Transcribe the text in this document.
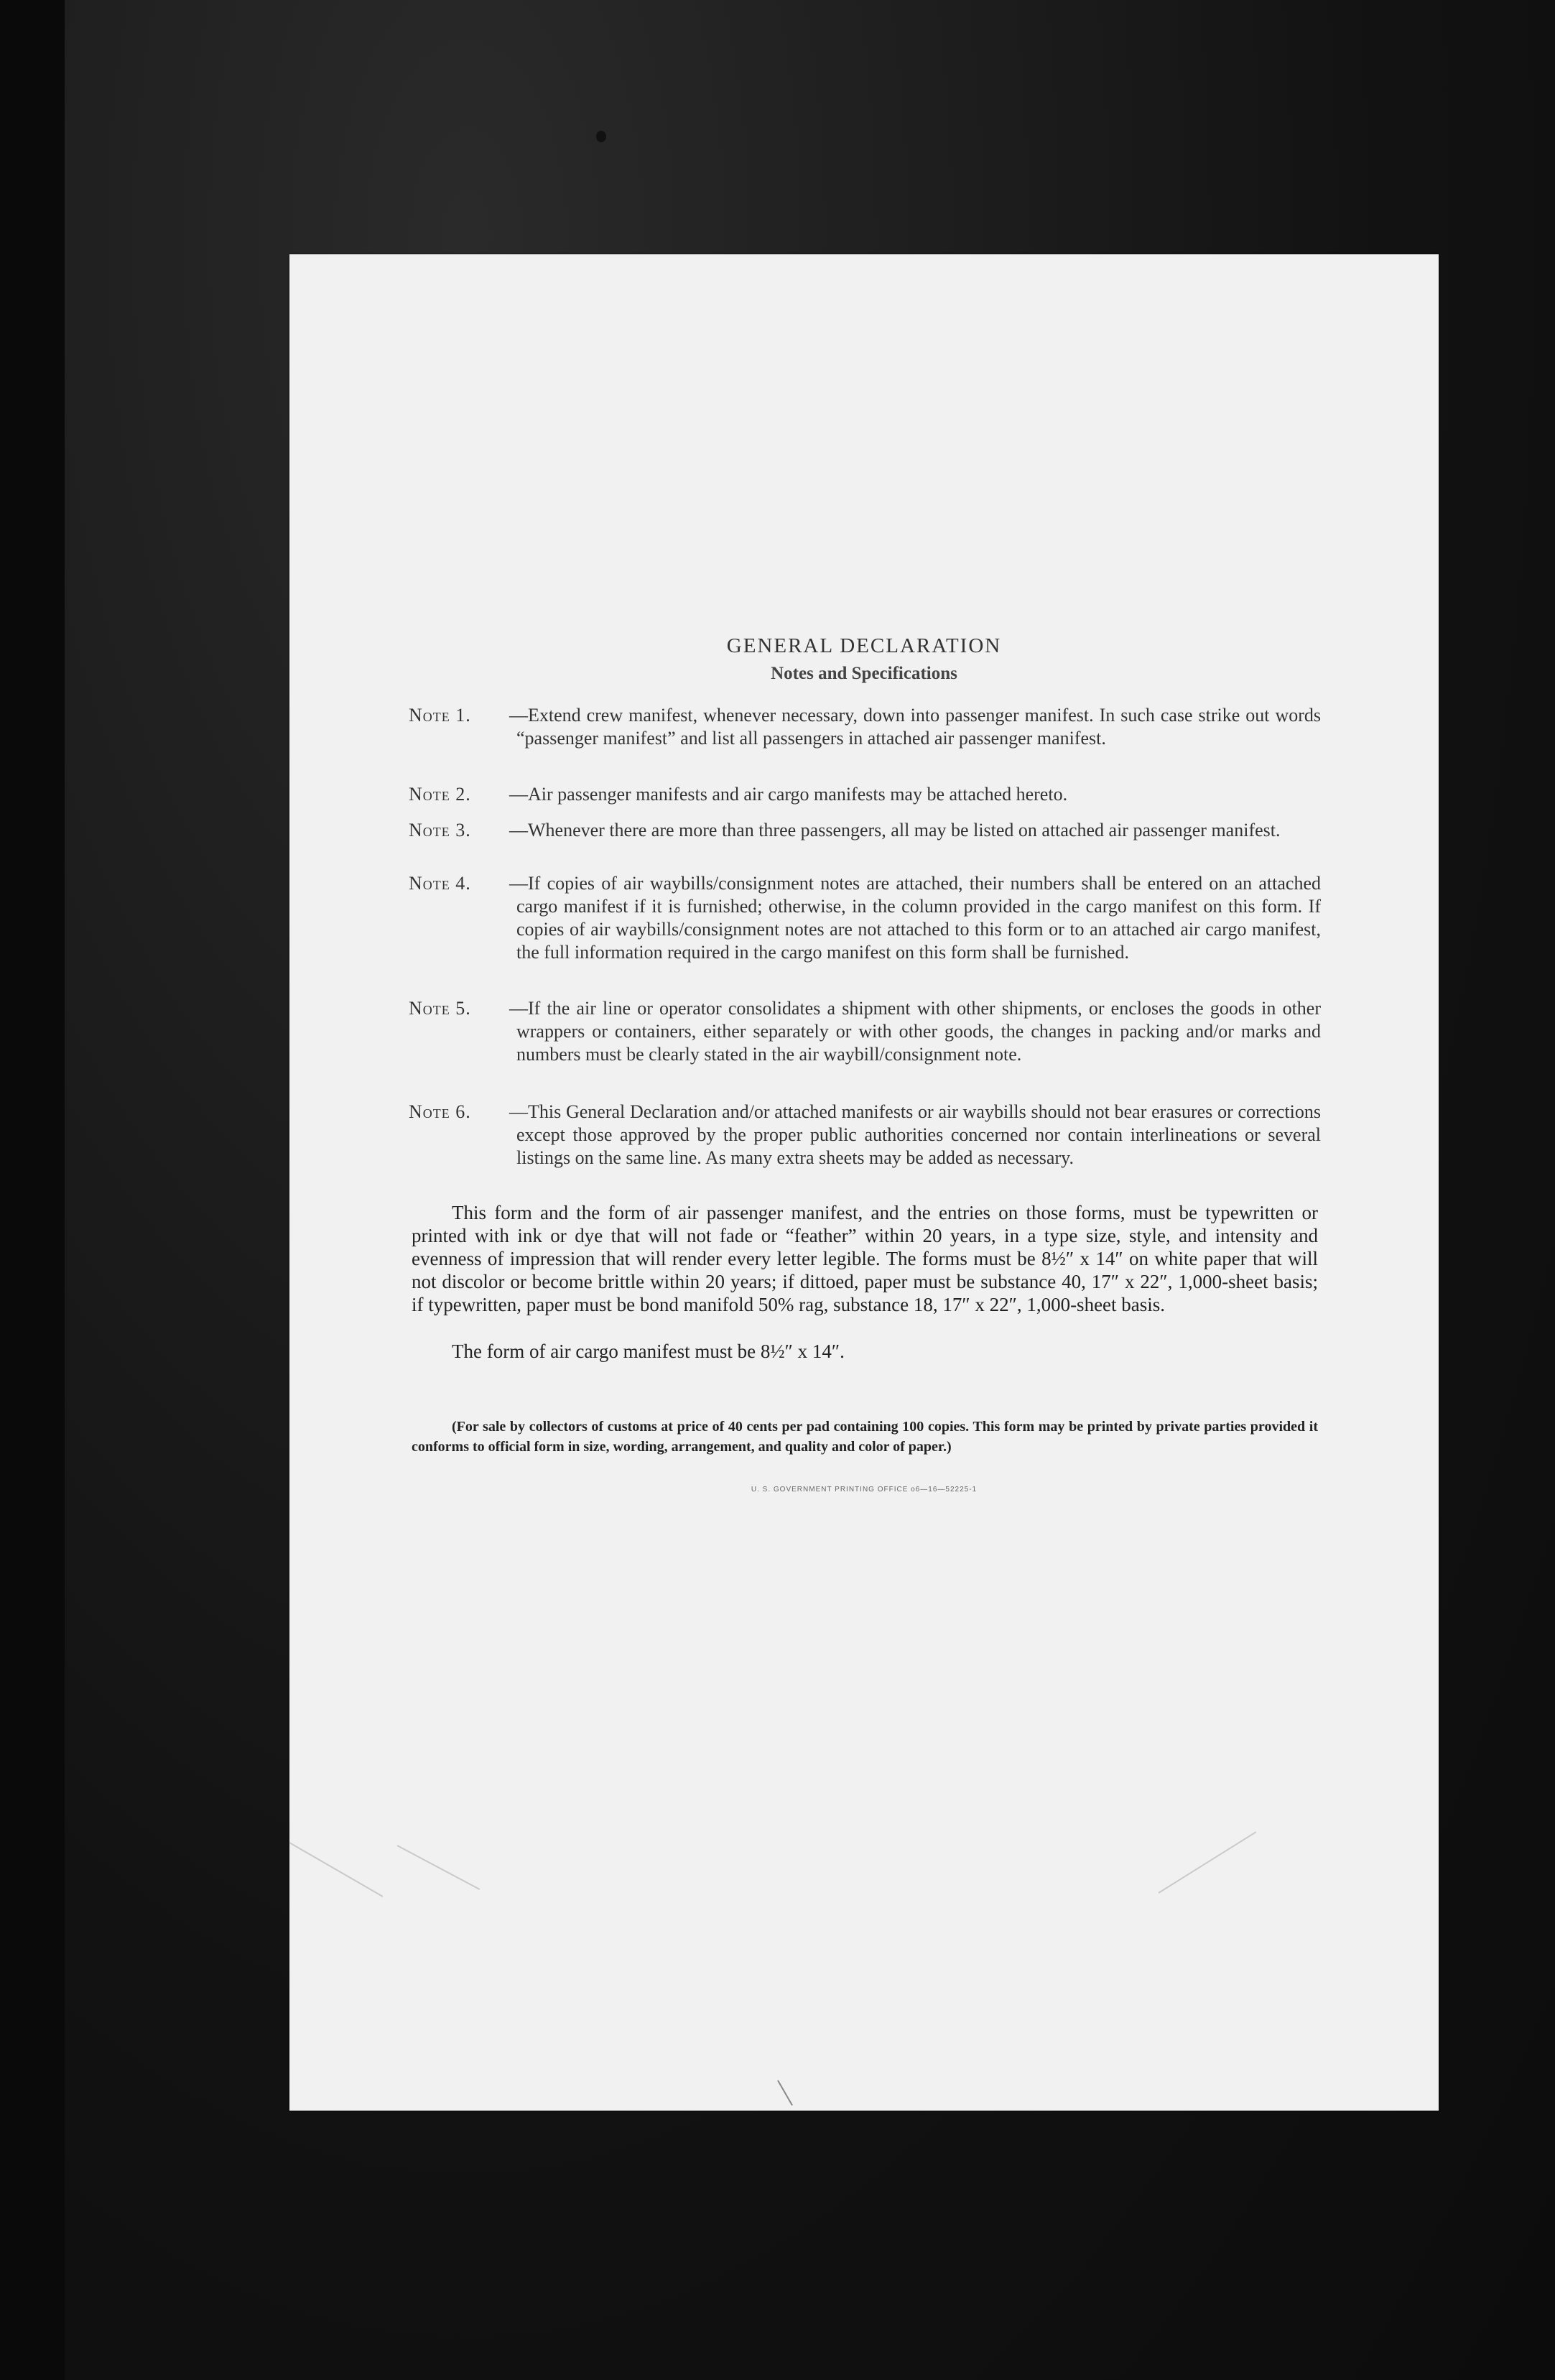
GENERAL DECLARATION
Notes and Specifications
Note 1.	—Extend crew manifest, whenever necessary, down into passenger manifest. In such case strike out words “passenger manifest” and list all passengers in attached air passenger manifest.
Note 2.	—Air passenger manifests and air cargo manifests may be attached hereto.
Note 3.	—Whenever there are more than three passengers, all may be listed on attached air passenger manifest.
Note 4.	—If copies of air waybills/consignment notes are attached, their numbers shall be entered on an attached cargo manifest if it is furnished; otherwise, in the column provided in the cargo manifest on this form. If copies of air waybills/consignment notes are not attached to this form or to an attached air cargo manifest, the full information required in the cargo manifest on this form shall be furnished.
Note 5.	—If the air line or operator consolidates a shipment with other shipments, or encloses the goods in other wrappers or containers, either separately or with other goods, the changes in packing and/or marks and numbers must be clearly stated in the air waybill/consignment note.
Note 6.	—This General Declaration and/or attached manifests or air waybills should not bear erasures or corrections except those approved by the proper public authorities concerned nor contain interlineations or several listings on the same line. As many extra sheets may be added as necessary.
This form and the form of air passenger manifest, and the entries on those forms, must be typewritten or printed with ink or dye that will not fade or “feather” within 20 years, in a type size, style, and intensity and evenness of impression that will render every letter legible. The forms must be 8½″ x 14″ on white paper that will not discolor or become brittle within 20 years; if dittoed, paper must be substance 40, 17″ x 22″, 1,000-sheet basis; if typewritten, paper must be bond manifold 50% rag, substance 18, 17″ x 22″, 1,000-sheet basis.
The form of air cargo manifest must be 8½″ x 14″.
(For sale by collectors of customs at price of 40 cents per pad containing 100 copies. This form may be printed by private parties provided it conforms to official form in size, wording, arrangement, and quality and color of paper.)
U. S. GOVERNMENT PRINTING OFFICE o6—16—52225-1
